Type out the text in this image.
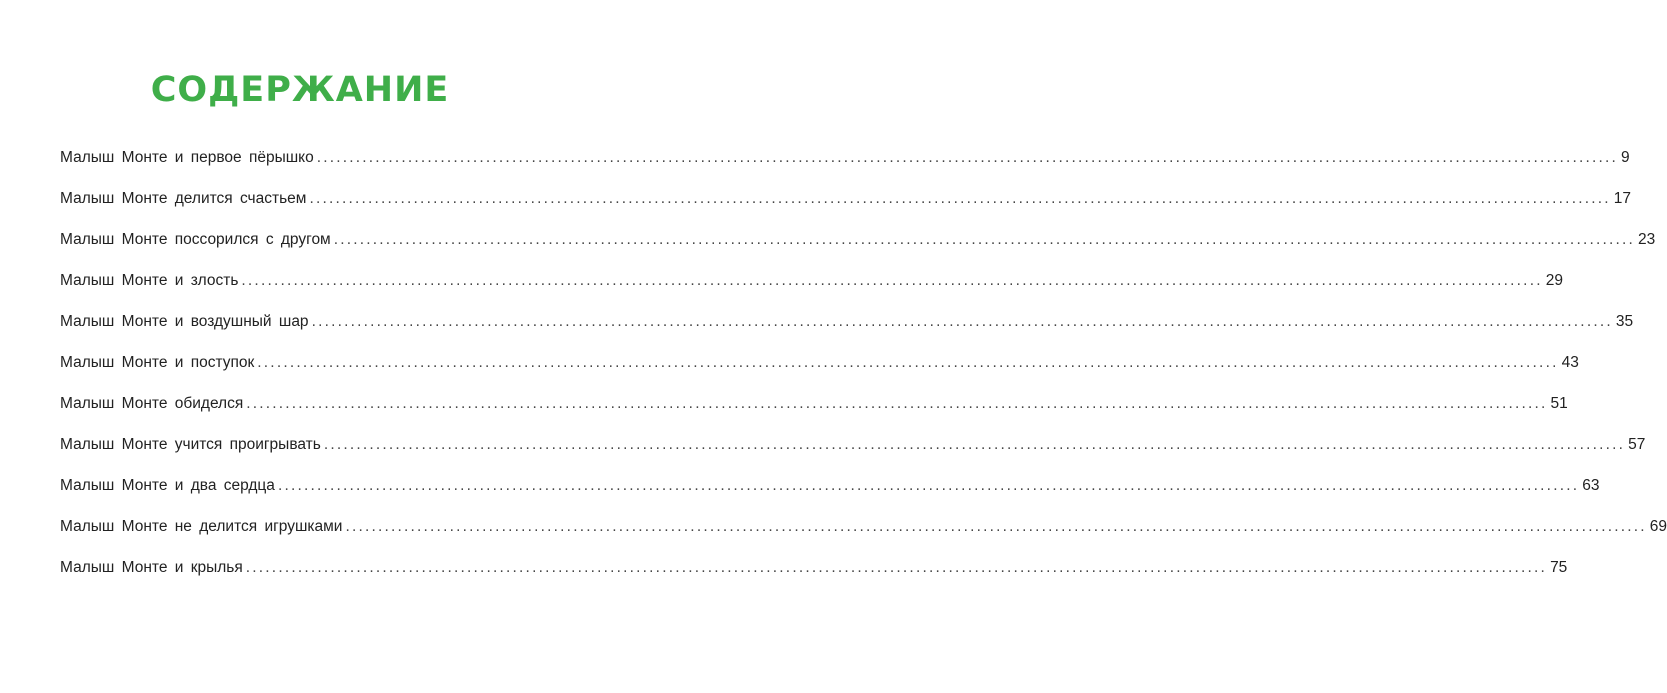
СОДЕРЖАНИЕ
Малыш Монте и первое пёрышко ........................................................................................................................................................................................................ 9
Малыш Монте делится счастьем ........................................................................................................................................................................................................ 17
Малыш Монте поссорился с другом ........................................................................................................................................................................................................ 23
Малыш Монте и злость ........................................................................................................................................................................................................ 29
Малыш Монте и воздушный шар ........................................................................................................................................................................................................ 35
Малыш Монте и поступок ........................................................................................................................................................................................................ 43
Малыш Монте обиделся ........................................................................................................................................................................................................ 51
Малыш Монте учится проигрывать ........................................................................................................................................................................................................ 57
Малыш Монте и два сердца ........................................................................................................................................................................................................ 63
Малыш Монте не делится игрушками ........................................................................................................................................................................................................ 69
Малыш Монте и крылья ........................................................................................................................................................................................................ 75
